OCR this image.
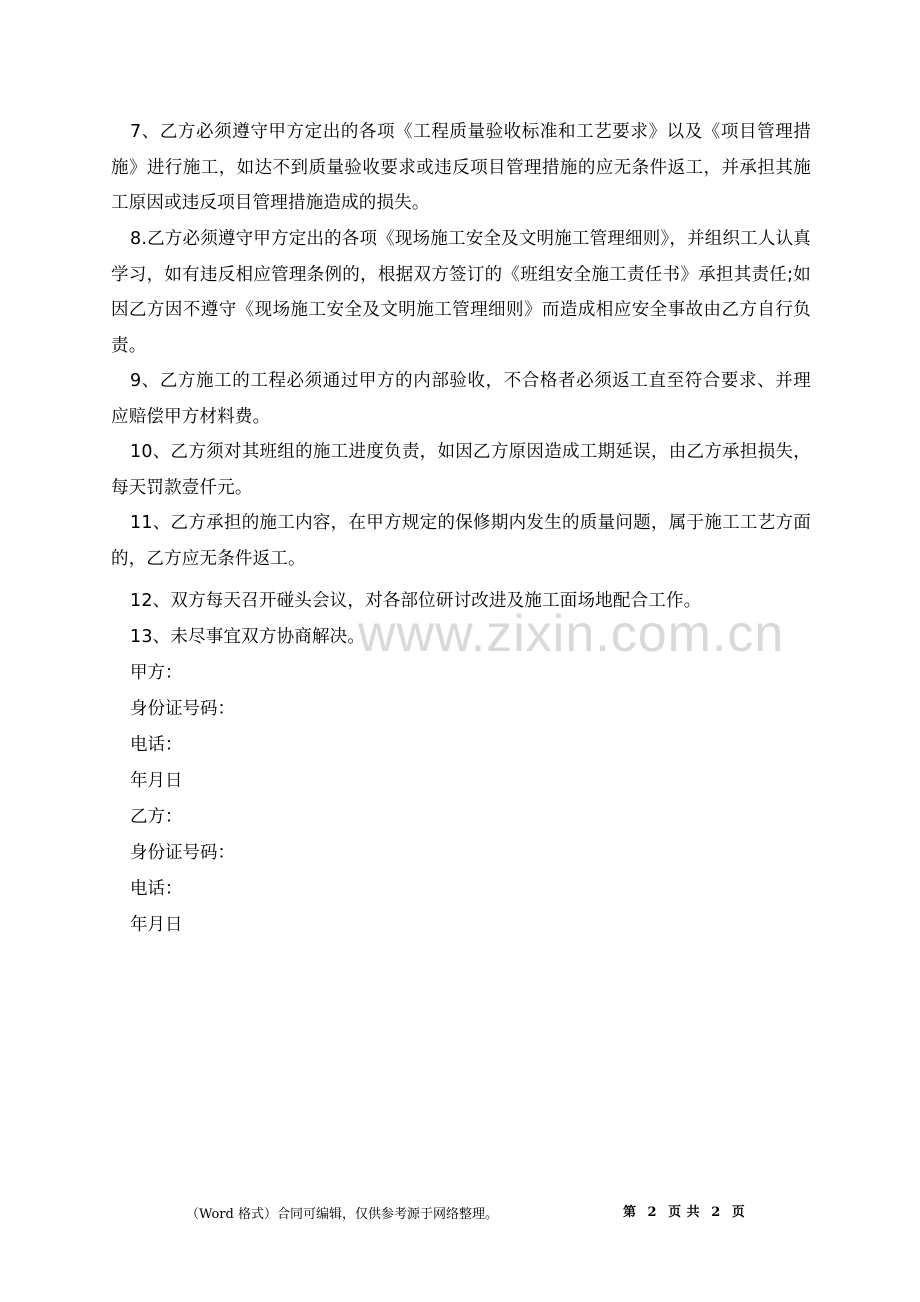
7、乙方必须遵守甲方定出的各项《工程质量验收标准和工艺要求》以及《项目管理措施》进行施工，如达不到质量验收要求或违反项目管理措施的应无条件返工，并承担其施工原因或违反项目管理措施造成的损失。

8.乙方必须遵守甲方定出的各项《现场施工安全及文明施工管理细则》，并组织工人认真学习，如有违反相应管理条例的，根据双方签订的《班组安全施工责任书》承担其责任;如因乙方因不遵守《现场施工安全及文明施工管理细则》而造成相应安全事故由乙方自行负责。

9、乙方施工的工程必须通过甲方的内部验收，不合格者必须返工直至符合要求、并理应赔偿甲方材料费。

10、乙方须对其班组的施工进度负责，如因乙方原因造成工期延误，由乙方承担损失，每天罚款壹仟元。

11、乙方承担的施工内容，在甲方规定的保修期内发生的质量问题，属于施工工艺方面的，乙方应无条件返工。

12、双方每天召开碰头会议，对各部位研讨改进及施工面场地配合工作。

13、未尽事宜双方协商解决。

www.zixin.com.cn

甲方：

身份证号码：

电话：

年月日

乙方：

身份证号码：

电话：

年月日

（Word 格式）合同可编辑，仅供参考源于网络整理。	第 2 页 共 2 页
